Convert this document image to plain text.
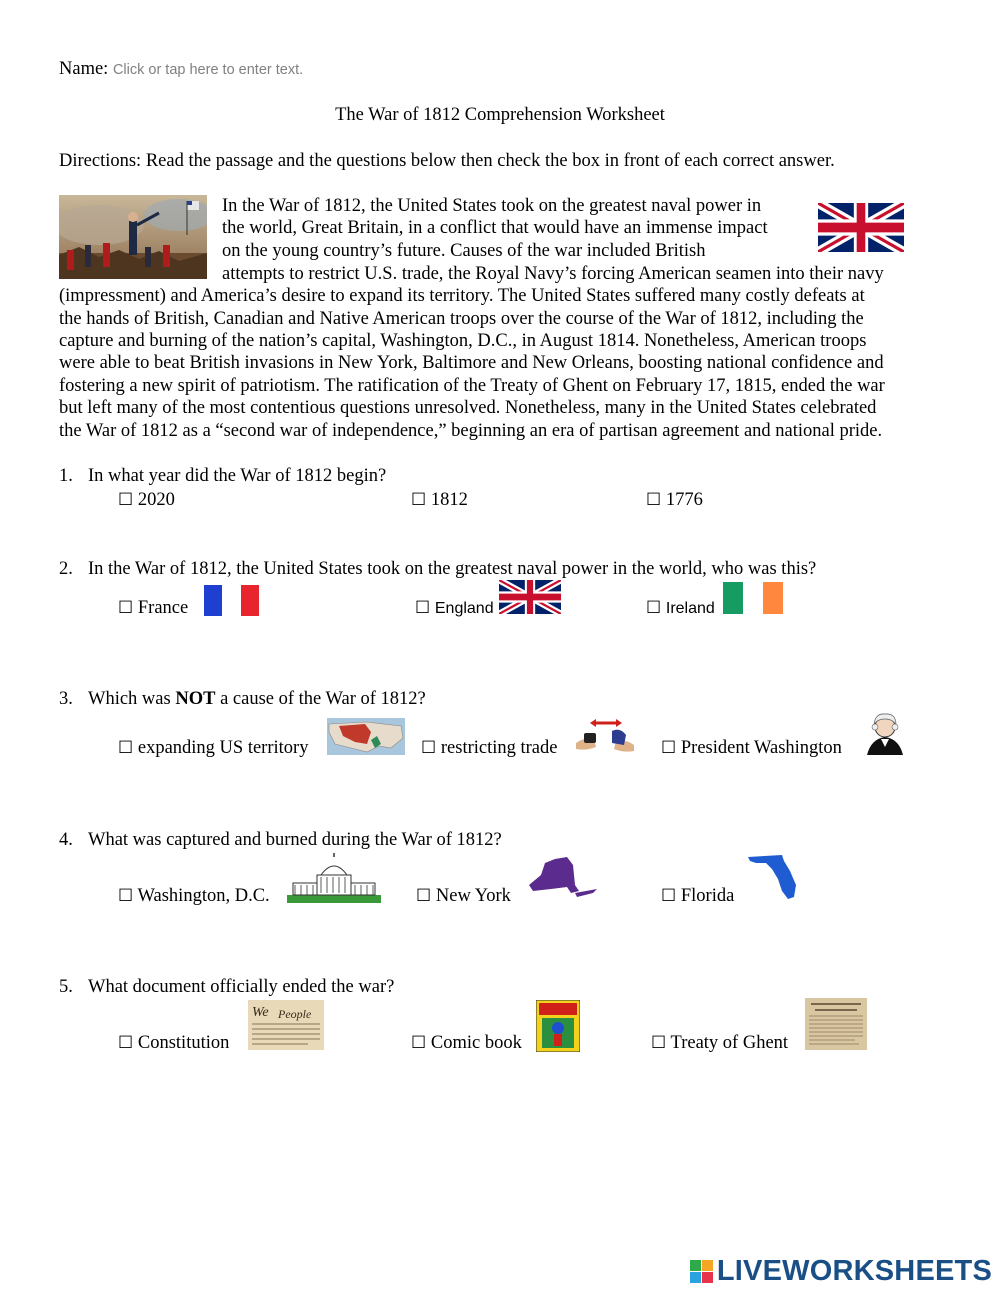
Name: Click or tap here to enter text.
The War of 1812 Comprehension Worksheet
Directions: Read the passage and the questions below then check the box in front of each correct answer.
In the War of 1812, the United States took on the greatest naval power in
the world, Great Britain, in a conflict that would have an immense impact
on the young country’s future. Causes of the war included British
attempts to restrict U.S. trade, the Royal Navy’s forcing American seamen into their navy
(impressment) and America’s desire to expand its territory. The United States suffered many costly defeats at
the hands of British, Canadian and Native American troops over the course of the War of 1812, including the
capture and burning of the nation’s capital, Washington, D.C., in August 1814. Nonetheless, American troops
were able to beat British invasions in New York, Baltimore and New Orleans, boosting national confidence and
fostering a new spirit of patriotism. The ratification of the Treaty of Ghent on February 17, 1815, ended the war
but left many of the most contentious questions unresolved. Nonetheless, many in the United States celebrated
the War of 1812 as a “second war of independence,” beginning an era of partisan agreement and national pride.
1. In what year did the War of 1812 begin?
☐ 2020	☐ 1812	☐ 1776
2. In the War of 1812, the United States took on the greatest naval power in the world, who was this?
☐ France	☐ England	☐ Ireland
3. Which was NOT a cause of the War of 1812?
☐ expanding US territory	☐ restricting trade	☐ President Washington
4. What was captured and burned during the War of 1812?
☐ Washington, D.C.	☐ New York	☐ Florida
5. What document officially ended the war?
☐ Constitution
We People
☐ Comic book	☐ Treaty of Ghent
LIVEWORKSHEETS
